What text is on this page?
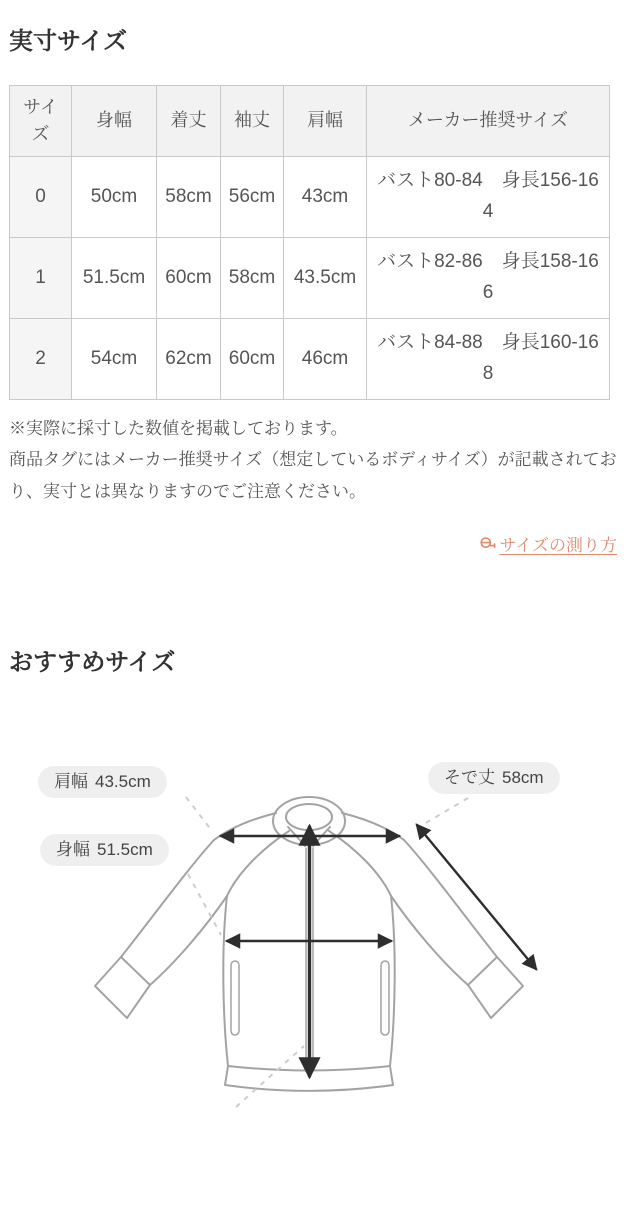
実寸サイズ
サイズ	身幅	着丈	袖丈	肩幅	メーカー推奨サイズ
0	50cm	58cm	56cm	43cm	バスト80-84　身長156-164
1	51.5cm	60cm	58cm	43.5cm	バスト82-86　身長158-166
2	54cm	62cm	60cm	46cm	バスト84-88　身長160-168

※実際に採寸した数値を掲載しております。

商品タグにはメーカー推奨サイズ（想定しているボディサイズ）が記載されており、実寸とは異なりますのでご注意ください。

サイズの測り方
おすすめサイズ
肩幅 43.5cm
身幅 51.5cm
そで丈 58cm
